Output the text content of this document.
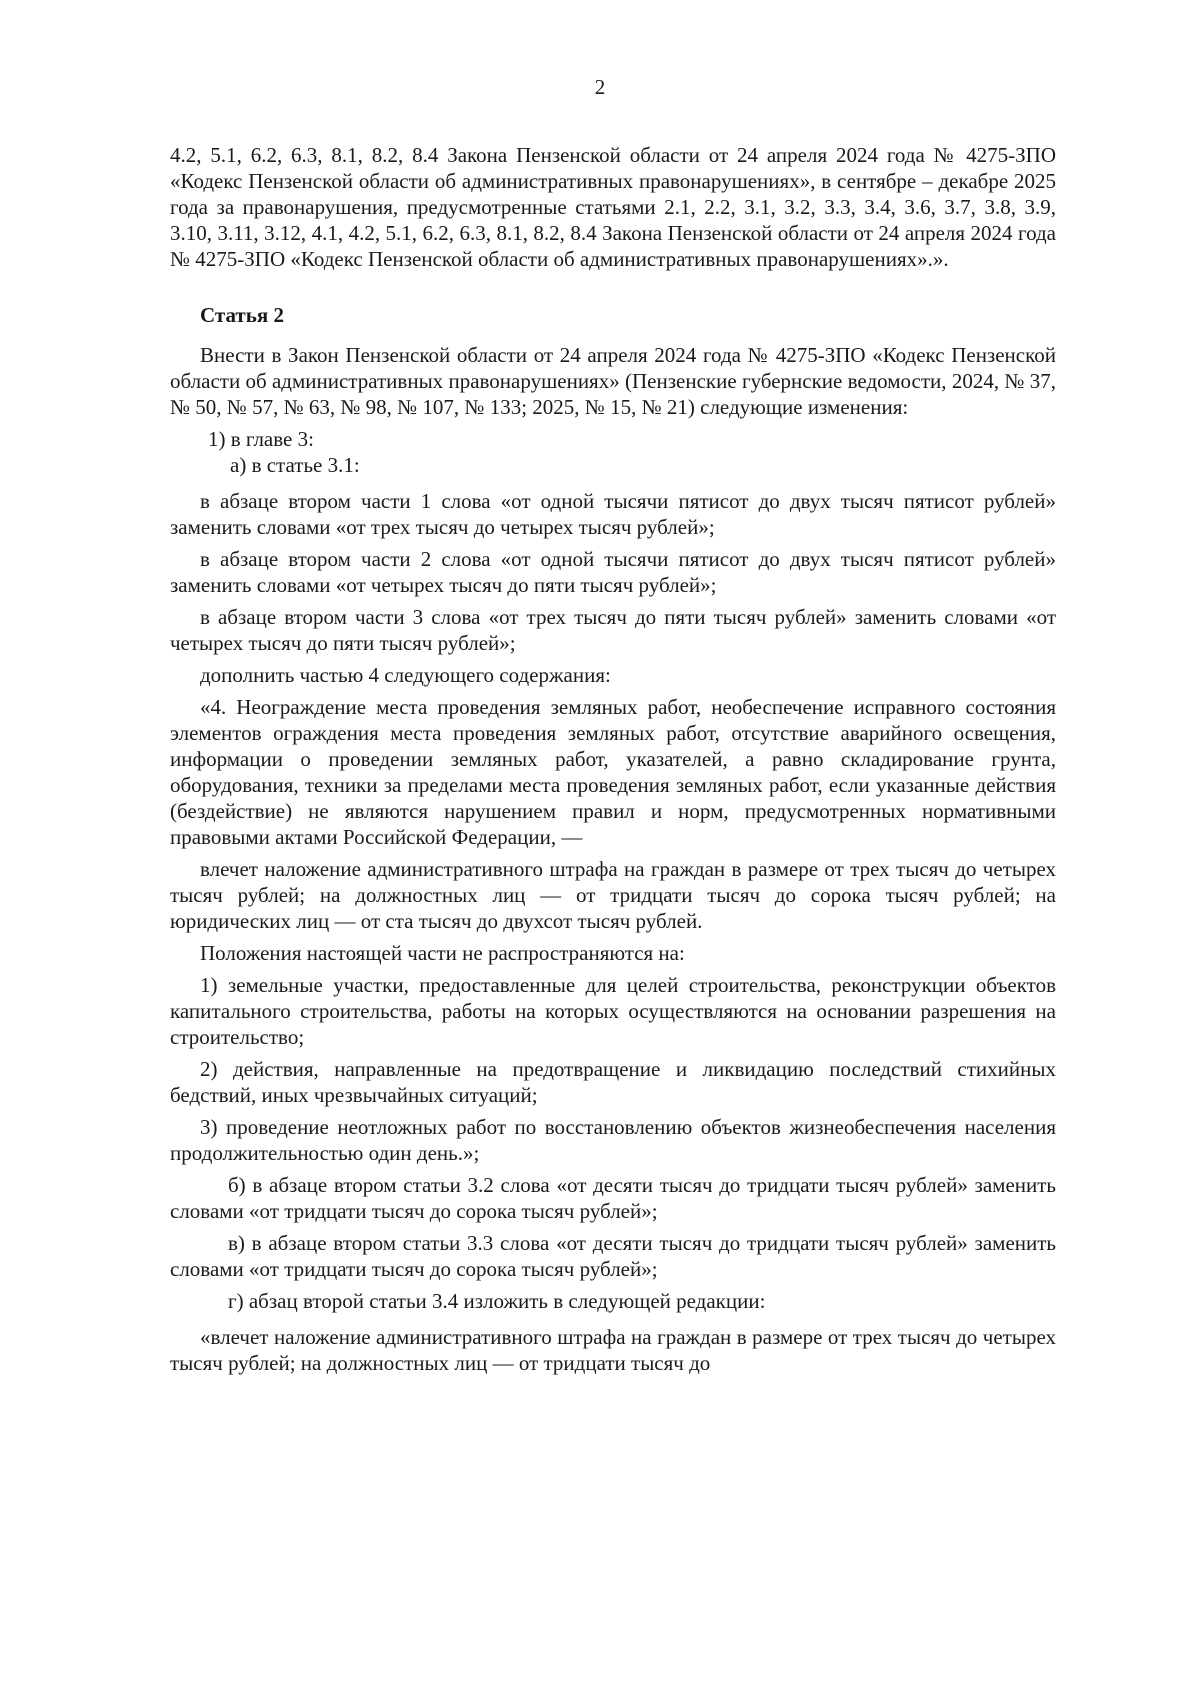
2

4.2, 5.1, 6.2, 6.3, 8.1, 8.2, 8.4 Закона Пензенской области от 24 апреля 2024 года № 4275-ЗПО «Кодекс Пензенской области об административных правонарушениях», в сентябре – декабре 2025 года за правонарушения, предусмотренные статьями 2.1, 2.2, 3.1, 3.2, 3.3, 3.4, 3.6, 3.7, 3.8, 3.9, 3.10, 3.11, 3.12, 4.1, 4.2, 5.1, 6.2, 6.3, 8.1, 8.2, 8.4 Закона Пензенской области от 24 апреля 2024 года № 4275-ЗПО «Кодекс Пензенской области об административных правонарушениях».».

Статья 2

Внести в Закон Пензенской области от 24 апреля 2024 года № 4275-ЗПО «Кодекс Пензенской области об административных правонарушениях» (Пензенские губернские ведомости, 2024, № 37, № 50, № 57, № 63, № 98, № 107, № 133; 2025, № 15, № 21) следующие изменения:

1) в главе 3:

а) в статье 3.1:

в абзаце втором части 1 слова «от одной тысячи пятисот до двух тысяч пятисот рублей» заменить словами «от трех тысяч до четырех тысяч рублей»;

в абзаце втором части 2 слова «от одной тысячи пятисот до двух тысяч пятисот рублей» заменить словами «от четырех тысяч до пяти тысяч рублей»;

в абзаце втором части 3 слова «от трех тысяч до пяти тысяч рублей» заменить словами «от четырех тысяч до пяти тысяч рублей»;

дополнить частью 4 следующего содержания:

«4. Неограждение места проведения земляных работ, необеспечение исправного состояния элементов ограждения места проведения земляных работ, отсутствие аварийного освещения, информации о проведении земляных работ, указателей, а равно складирование грунта, оборудования, техники за пределами места проведения земляных работ, если указанные действия (бездействие) не являются нарушением правил и норм, предусмотренных нормативными правовыми актами Российской Федерации, —

влечет наложение административного штрафа на граждан в размере от трех тысяч до четырех тысяч рублей; на должностных лиц — от тридцати тысяч до сорока тысяч рублей; на юридических лиц — от ста тысяч до двухсот тысяч рублей.

Положения настоящей части не распространяются на:

1) земельные участки, предоставленные для целей строительства, реконструкции объектов капитального строительства, работы на которых осуществляются на основании разрешения на строительство;

2) действия, направленные на предотвращение и ликвидацию последствий стихийных бедствий, иных чрезвычайных ситуаций;

3) проведение неотложных работ по восстановлению объектов жизнеобеспечения населения продолжительностью один день.»;

б) в абзаце втором статьи 3.2 слова «от десяти тысяч до тридцати тысяч рублей» заменить словами «от тридцати тысяч до сорока тысяч рублей»;

в) в абзаце втором статьи 3.3 слова «от десяти тысяч до тридцати тысяч рублей» заменить словами «от тридцати тысяч до сорока тысяч рублей»;

г) абзац второй статьи 3.4 изложить в следующей редакции:

«влечет наложение административного штрафа на граждан в размере от трех тысяч до четырех тысяч рублей; на должностных лиц — от тридцати тысяч до
